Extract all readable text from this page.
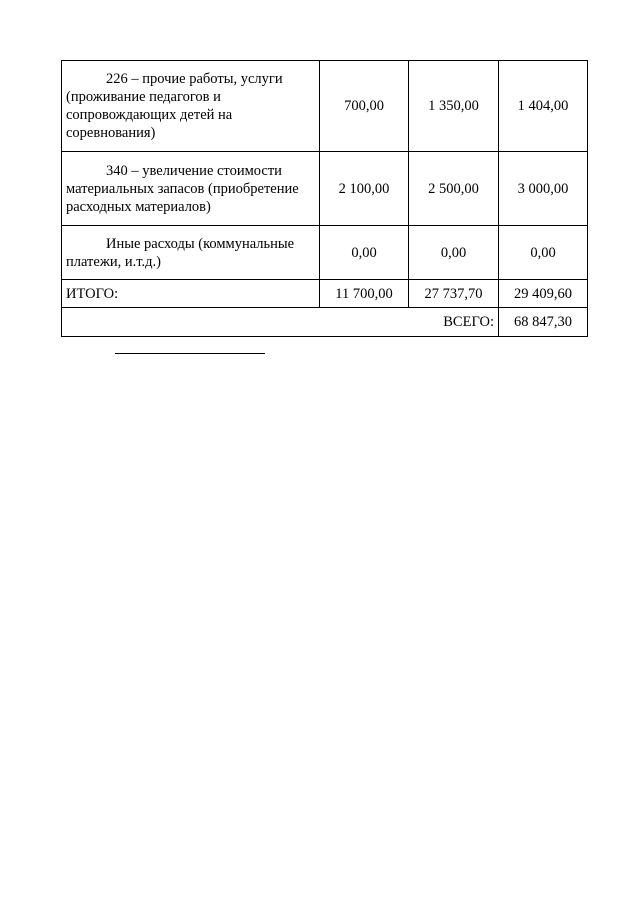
226 – прочие работы, услуги (проживание педагогов и сопровождающих детей на соревнования)	700,00	1 350,00	1 404,00
340 – увеличение стоимости материальных запасов (приобретение расходных материалов)	2 100,00	2 500,00	3 000,00
Иные расходы (коммунальные платежи, и.т.д.)	0,00	0,00	0,00
ИТОГО:	11 700,00	27 737,70	29 409,60
ВСЕГО:			68 847,30
